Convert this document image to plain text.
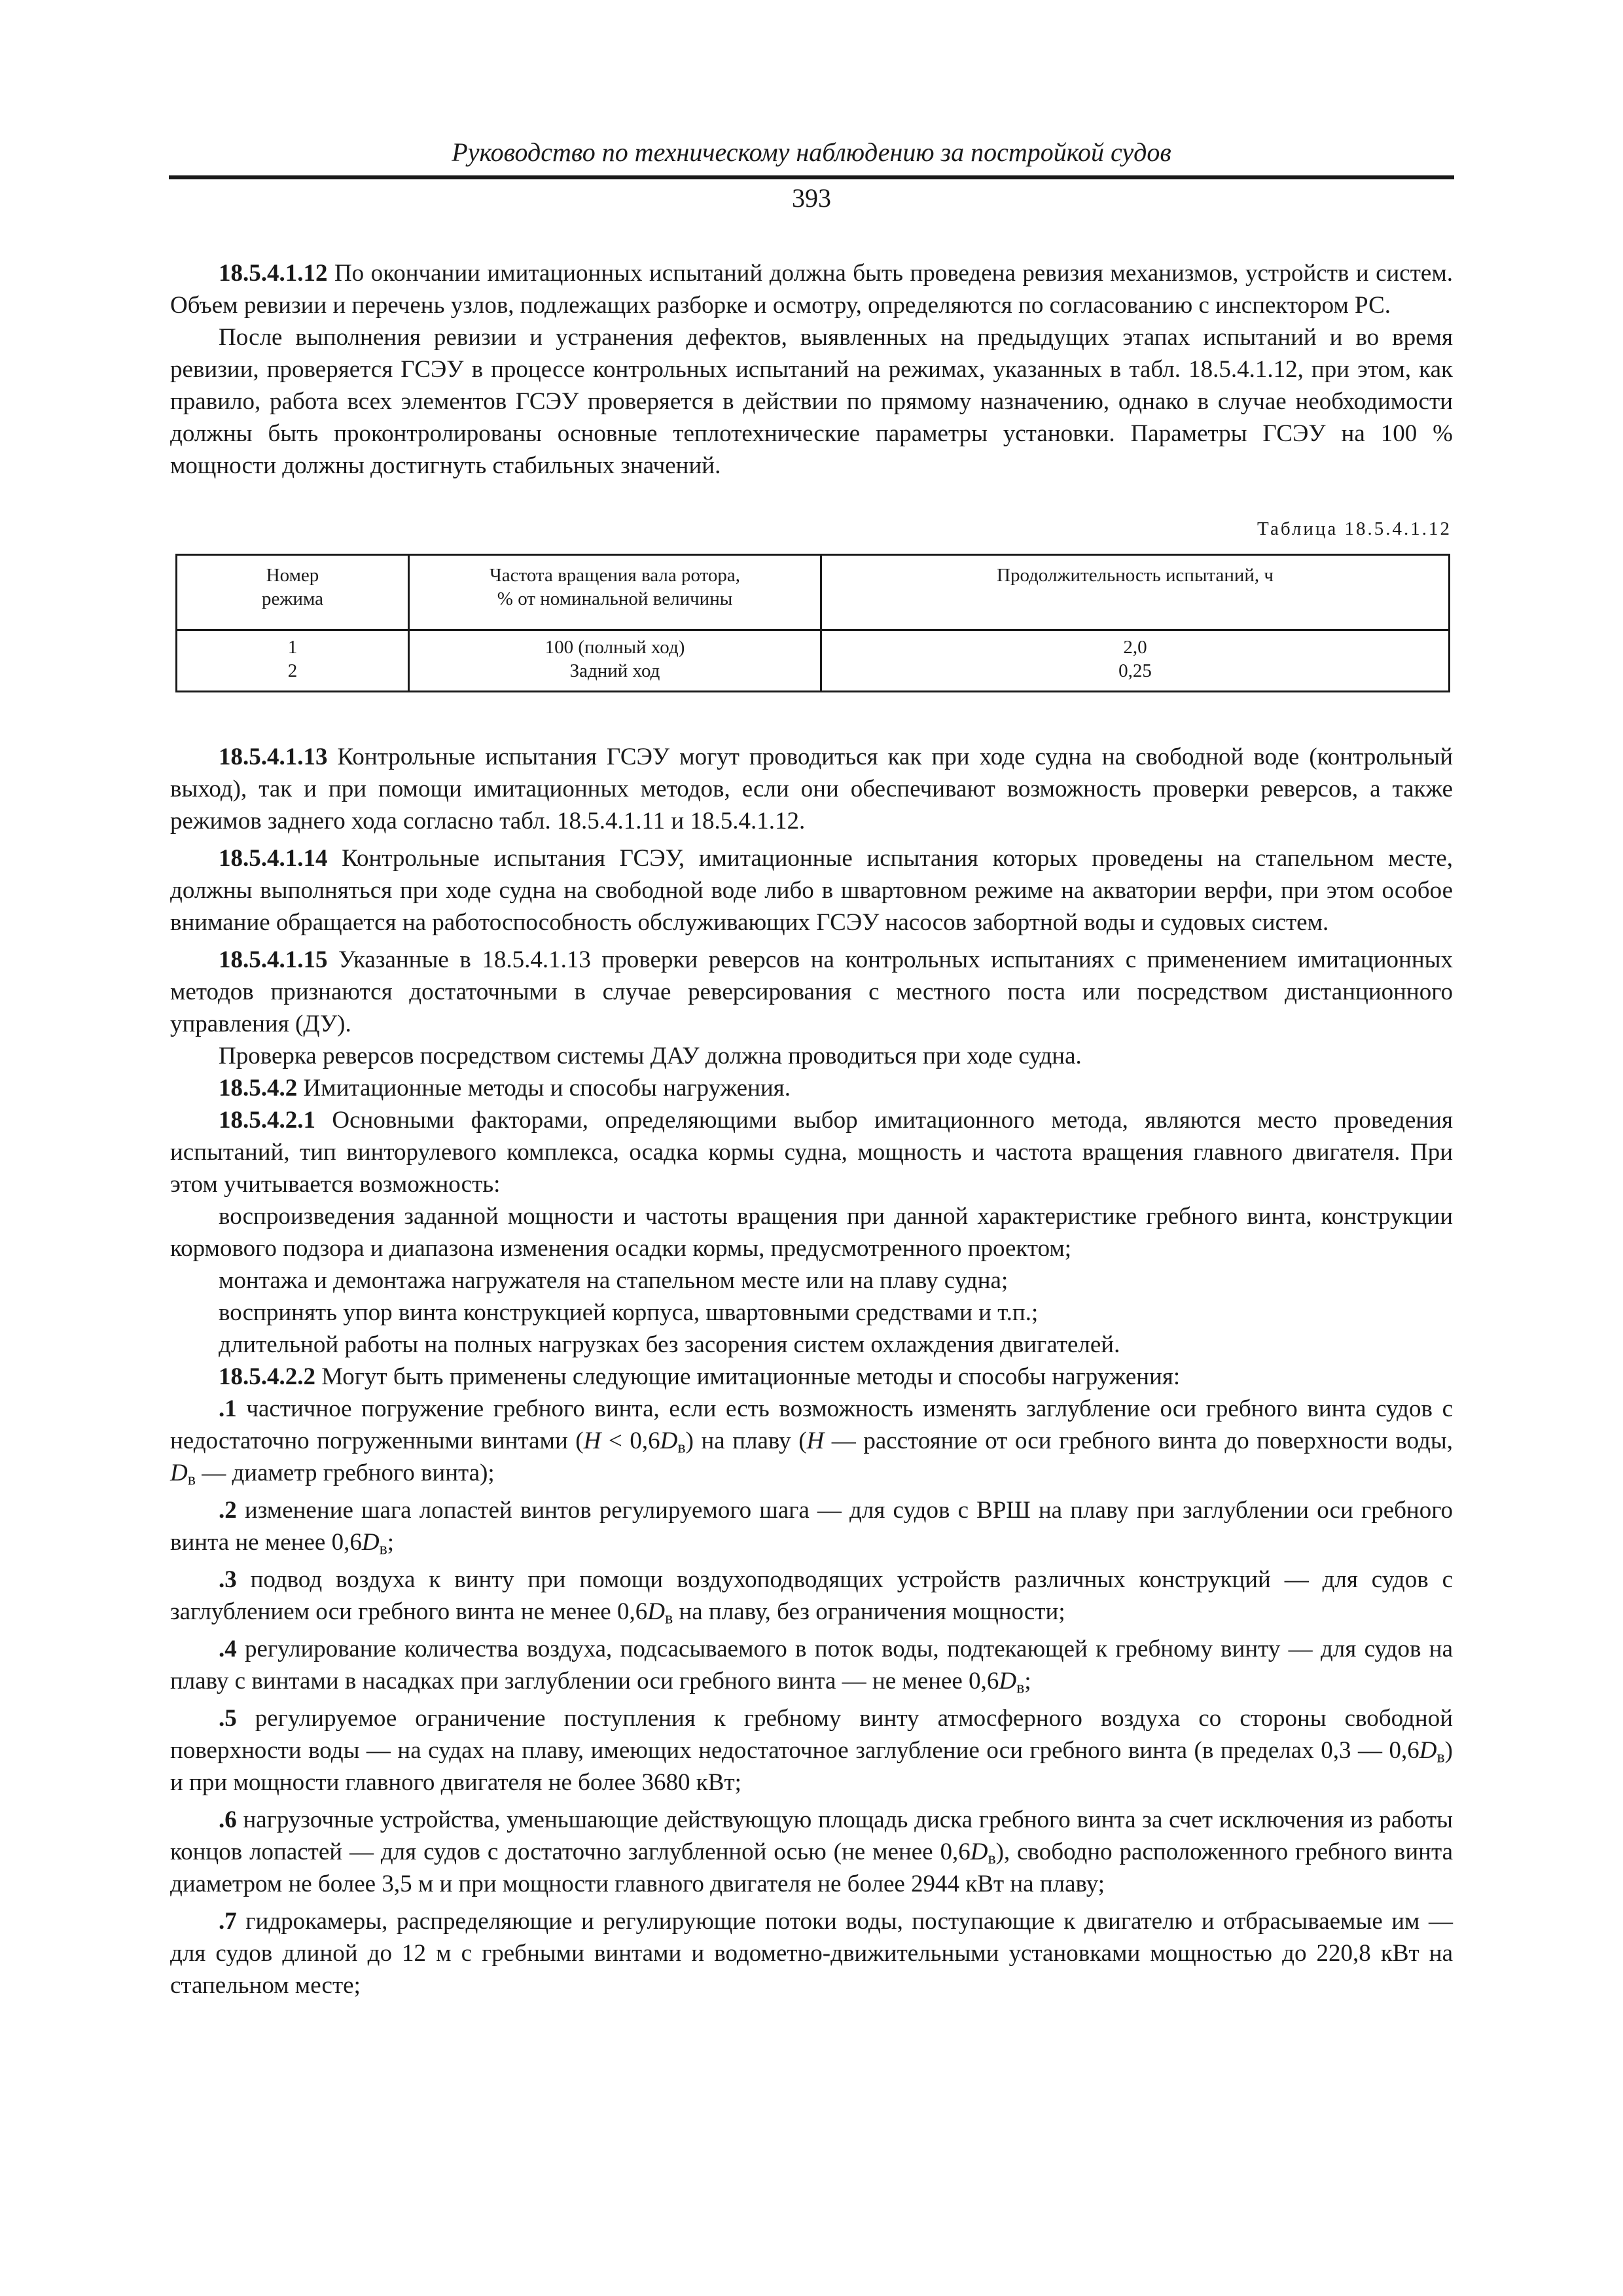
Руководство по техническому наблюдению за постройкой судов
393

18.5.4.1.12 По окончании имитационных испытаний должна быть проведена ревизия механизмов, устройств и систем. Объем ревизии и перечень узлов, подлежащих разборке и осмотру, определяются по согласованию с инспектором РС.

После выполнения ревизии и устранения дефектов, выявленных на предыдущих этапах испытаний и во время ревизии, проверяется ГСЭУ в процессе контрольных испытаний на режимах, указанных в табл. 18.5.4.1.12, при этом, как правило, работа всех элементов ГСЭУ проверяется в действии по прямому назначению, однако в случае необходимости должны быть проконтролированы основные теплотехнические параметры установки. Параметры ГСЭУ на 100 % мощности должны достигнуть стабильных значений.

Таблица 18.5.4.1.12
Номер
режима
Частота вращения вала ротора,
% от номинальной величины
Продолжительность испытаний, ч
1
2
100 (полный ход)
Задний ход
2,0
0,25

18.5.4.1.13 Контрольные испытания ГСЭУ могут проводиться как при ходе судна на свободной воде (контрольный выход), так и при помощи имитационных методов, если они обеспечивают возможность проверки реверсов, а также режимов заднего хода согласно табл. 18.5.4.1.11 и 18.5.4.1.12.

18.5.4.1.14 Контрольные испытания ГСЭУ, имитационные испытания которых проведены на стапельном месте, должны выполняться при ходе судна на свободной воде либо в швартовном режиме на акватории верфи, при этом особое внимание обращается на работоспособность обслуживающих ГСЭУ насосов забортной воды и судовых систем.

18.5.4.1.15 Указанные в 18.5.4.1.13 проверки реверсов на контрольных испытаниях с применением имитационных методов признаются достаточными в случае реверсирования с местного поста или посредством дистанционного управления (ДУ).

Проверка реверсов посредством системы ДАУ должна проводиться при ходе судна.

18.5.4.2 Имитационные методы и способы нагружения.

18.5.4.2.1 Основными факторами, определяющими выбор имитационного метода, являются место проведения испытаний, тип винторулевого комплекса, осадка кормы судна, мощность и частота вращения главного двигателя. При этом учитывается возможность:

воспроизведения заданной мощности и частоты вращения при данной характеристике гребного винта, конструкции кормового подзора и диапазона изменения осадки кормы, предусмотренного проектом;

монтажа и демонтажа нагружателя на стапельном месте или на плаву судна;

воспринять упор винта конструкцией корпуса, швартовными средствами и т.п.;

длительной работы на полных нагрузках без засорения систем охлаждения двигателей.

18.5.4.2.2 Могут быть применены следующие имитационные методы и способы нагружения:

.1 частичное погружение гребного винта, если есть возможность изменять заглубление оси гребного винта судов с недостаточно погруженными винтами $(H < 0,6D_в)$ на плаву (H — расстояние от оси гребного винта до поверхности воды, $D_в$ — диаметр гребного винта);

.2 изменение шага лопастей винтов регулируемого шага — для судов с ВРШ на плаву при заглублении оси гребного винта не менее $0,6D_в$;

.3 подвод воздуха к винту при помощи воздухоподводящих устройств различных конструкций — для судов с заглублением оси гребного винта не менее $0,6D_в$ на плаву, без ограничения мощности;

.4 регулирование количества воздуха, подсасываемого в поток воды, подтекающей к гребному винту — для судов на плаву с винтами в насадках при заглублении оси гребного винта — не менее $0,6D_в$;

.5 регулируемое ограничение поступления к гребному винту атмосферного воздуха со стороны свободной поверхности воды — на судах на плаву, имеющих недостаточное заглубление оси гребного винта (в пределах 0,3 — $0,6D_в$) и при мощности главного двигателя не более 3680 кВт;

.6 нагрузочные устройства, уменьшающие действующую площадь диска гребного винта за счет исключения из работы концов лопастей — для судов с достаточно заглубленной осью (не менее $0,6D_в$), свободно расположенного гребного винта диаметром не более 3,5 м и при мощности главного двигателя не более 2944 кВт на плаву;

.7 гидрокамеры, распределяющие и регулирующие потоки воды, поступающие к двигателю и отбрасываемые им — для судов длиной до 12 м с гребными винтами и водометно-движительными установками мощностью до 220,8 кВт на стапельном месте;
